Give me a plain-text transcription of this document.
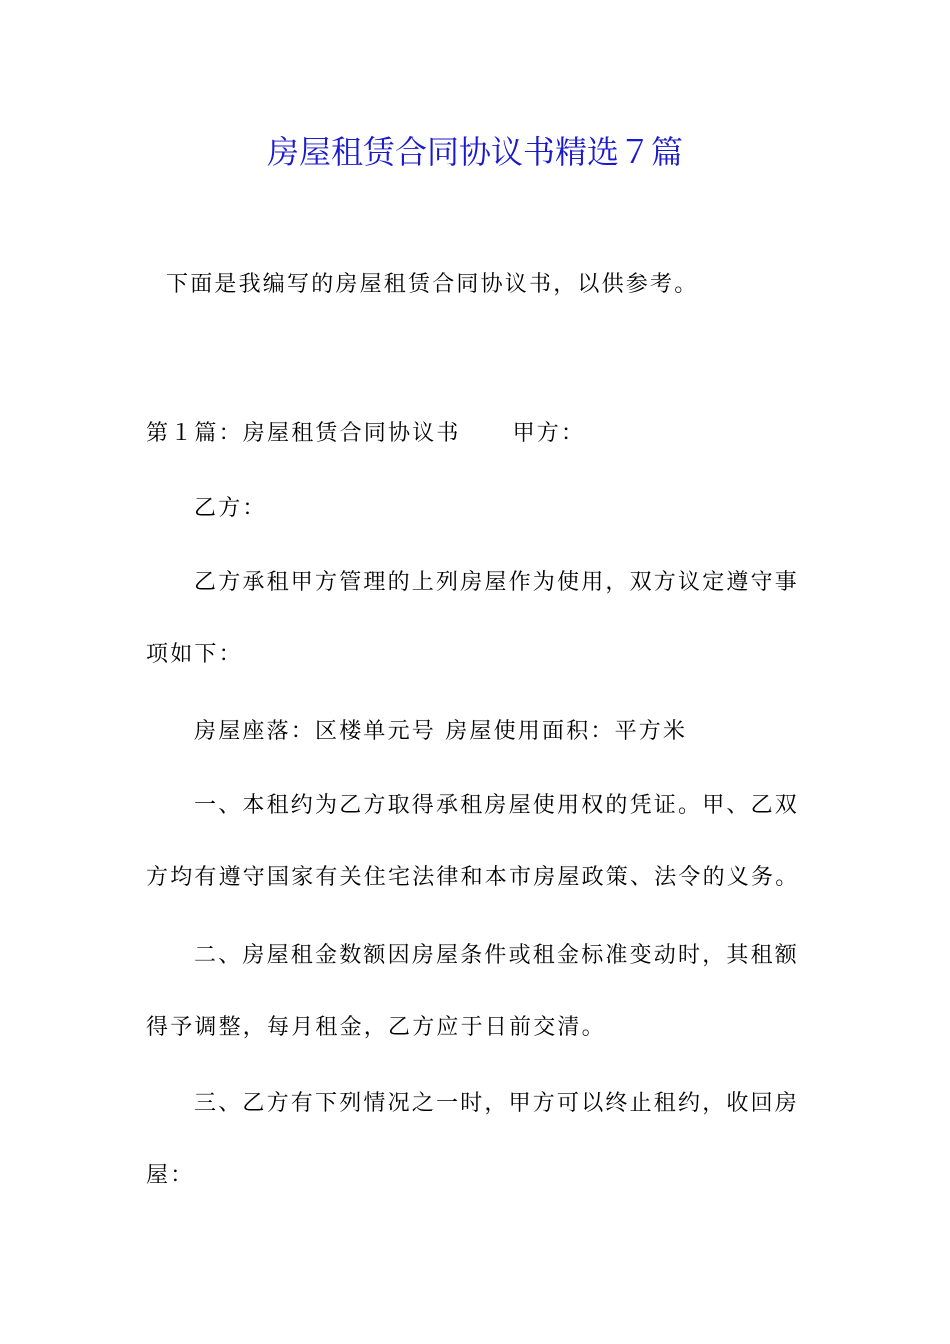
房屋租赁合同协议书精选７篇
下面是我编写的房屋租赁合同协议书，以供参考。
第１篇：房屋租赁合同协议书 甲方：
乙方：
乙方承租甲方管理的上列房屋作为使用，双方议定遵守事项如下：
房屋座落：区楼单元号 房屋使用面积：平方米
一、本租约为乙方取得承租房屋使用权的凭证。甲、乙双方均有遵守国家有关住宅法律和本市房屋政策、法令的义务。
二、房屋租金数额因房屋条件或租金标准变动时，其租额得予调整，每月租金，乙方应于日前交清。
三、乙方有下列情况之一时，甲方可以终止租约，收回房屋：
